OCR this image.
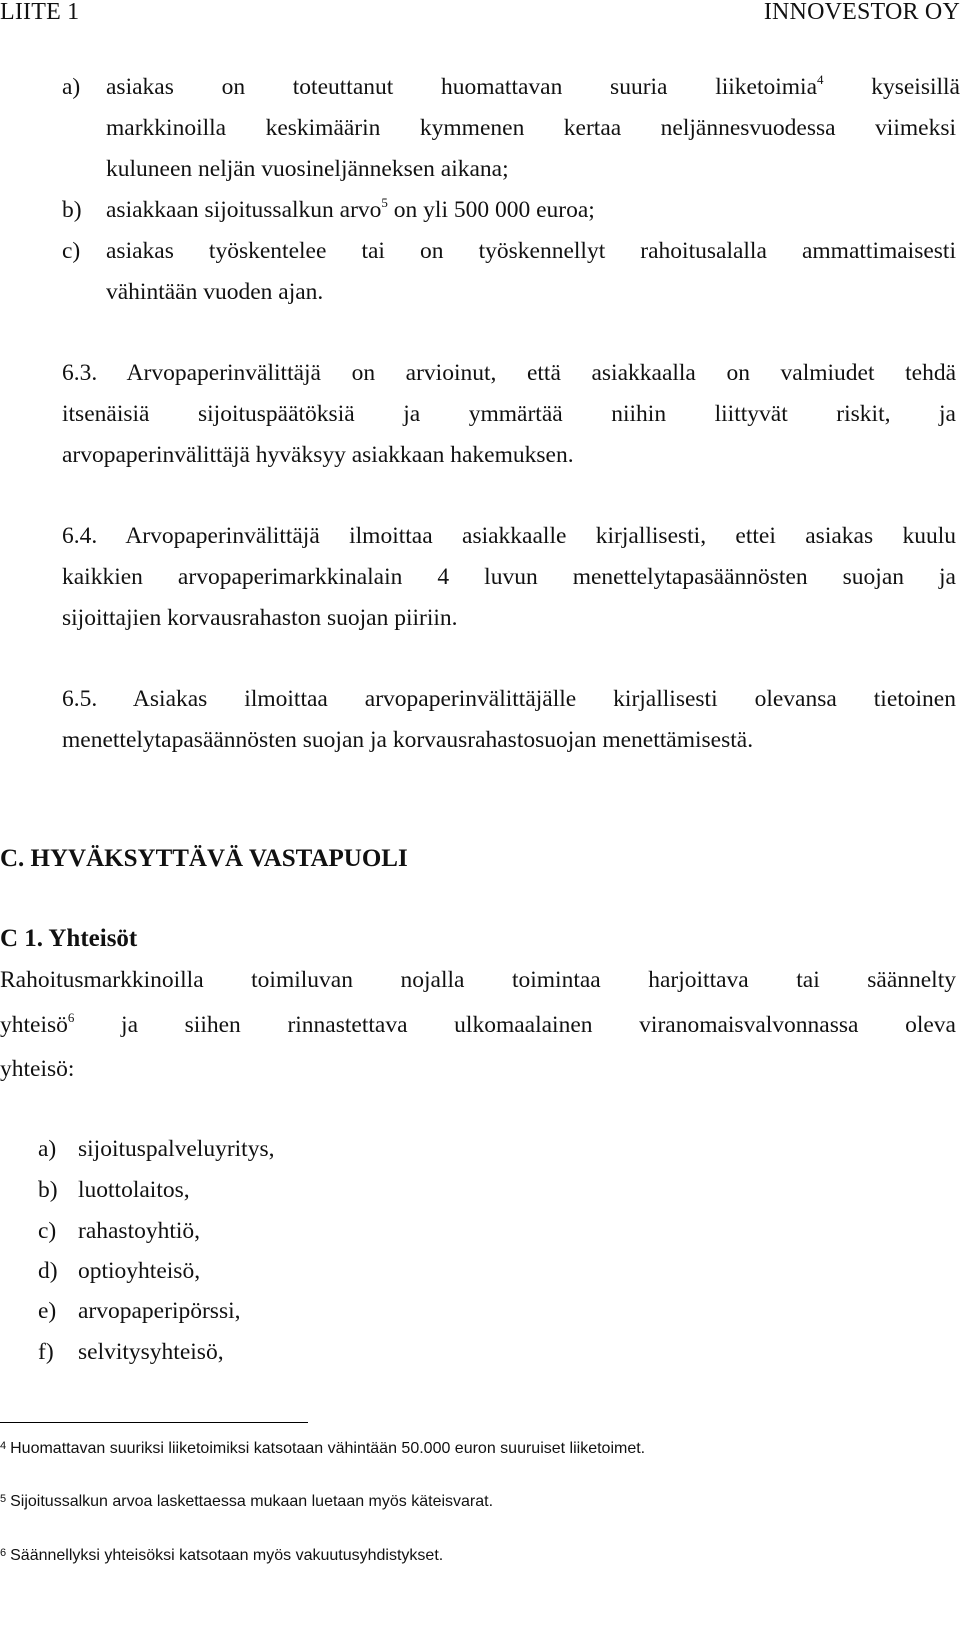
LIITE 1	INNOVESTOR OY
a) asiakas on toteuttanut huomattavan suuria liiketoimia$^4$ kyseisillä
markkinoilla keskimäärin kymmenen kertaa neljännesvuodessa viimeksi
kuluneen neljän vuosineljänneksen aikana;
b) asiakkaan sijoitussalkun arvo$^5$ on yli 500 000 euroa;
c) asiakas työskentelee tai on työskennellyt rahoitusalalla ammattimaisesti
vähintään vuoden ajan.
6.3. Arvopaperinvälittäjä on arvioinut, että asiakkaalla on valmiudet tehdä
itsenäisiä sijoituspäätöksiä ja ymmärtää niihin liittyvät riskit, ja
arvopaperinvälittäjä hyväksyy asiakkaan hakemuksen.
6.4. Arvopaperinvälittäjä ilmoittaa asiakkaalle kirjallisesti, ettei asiakas kuulu
kaikkien arvopaperimarkkinalain 4 luvun menettelytapasäännösten suojan ja
sijoittajien korvausrahaston suojan piiriin.
6.5. Asiakas ilmoittaa arvopaperinvälittäjälle kirjallisesti olevansa tietoinen
menettelytapasäännösten suojan ja korvausrahastosuojan menettämisestä.
C. HYVÄKSYTTÄVÄ VASTAPUOLI
C 1. Yhteisöt
Rahoitusmarkkinoilla toimiluvan nojalla toimintaa harjoittava tai säännelty
yhteisö$^6$ ja siihen rinnastettava ulkomaalainen viranomaisvalvonnassa oleva
yhteisö:
a) sijoituspalveluyritys,
b) luottolaitos,
c) rahastoyhtiö,
d) optioyhteisö,
e) arvopaperipörssi,
f) selvitysyhteisö,
$^4$ Huomattavan suuriksi liiketoimiksi katsotaan vähintään 50.000 euron suuruiset liiketoimet.
$^5$ Sijoitussalkun arvoa laskettaessa mukaan luetaan myös käteisvarat.
$^6$ Säännellyksi yhteisöksi katsotaan myös vakuutusyhdistykset.
